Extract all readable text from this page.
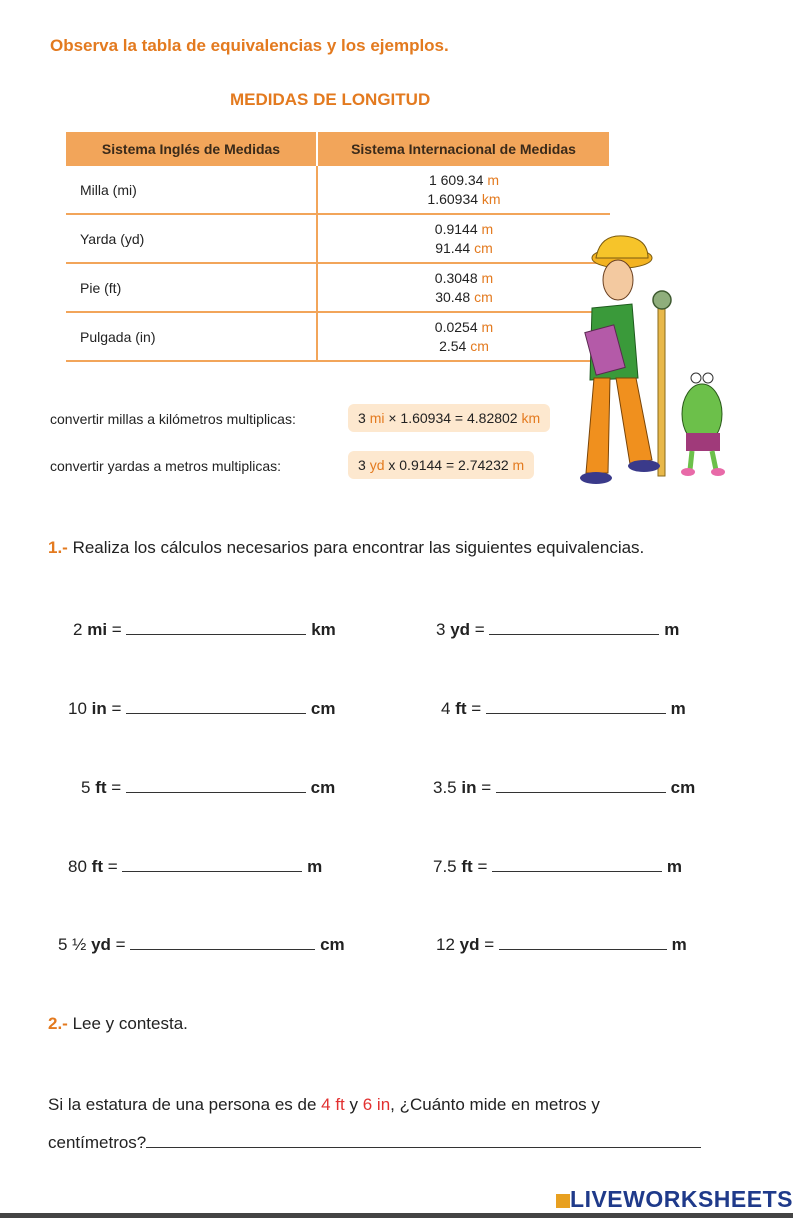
Observa la tabla de equivalencias y los ejemplos.
MEDIDAS DE LONGITUD
Sistema Inglés de Medidas	Sistema Internacional de Medidas
Milla (mi)	1 609.34 m
1.60934 km
Yarda (yd)	0.9144 m
91.44 cm
Pie (ft)	0.3048 m
30.48 cm
Pulgada (in)	0.0254 m
2.54 cm
convertir millas a kilómetros multiplicas:	3 mi × 1.60934 = 4.82802 km
convertir yardas a metros multiplicas:	3 yd x 0.9144 = 2.74232 m
1.- Realiza los cálculos necesarios para encontrar las siguientes equivalencias.
2 mi =	km	3 yd =	m
10 in =	cm	4 ft =	m
5 ft =	cm	3.5 in =	cm
80 ft =	m	7.5 ft =	m
5 ½ yd =	cm	12 yd =	m
2.- Lee y contesta.
Si la estatura de una persona es de 4 ft y 6 in, ¿Cuánto mide en metros y
centímetros?
LIVEWORKSHEETS
